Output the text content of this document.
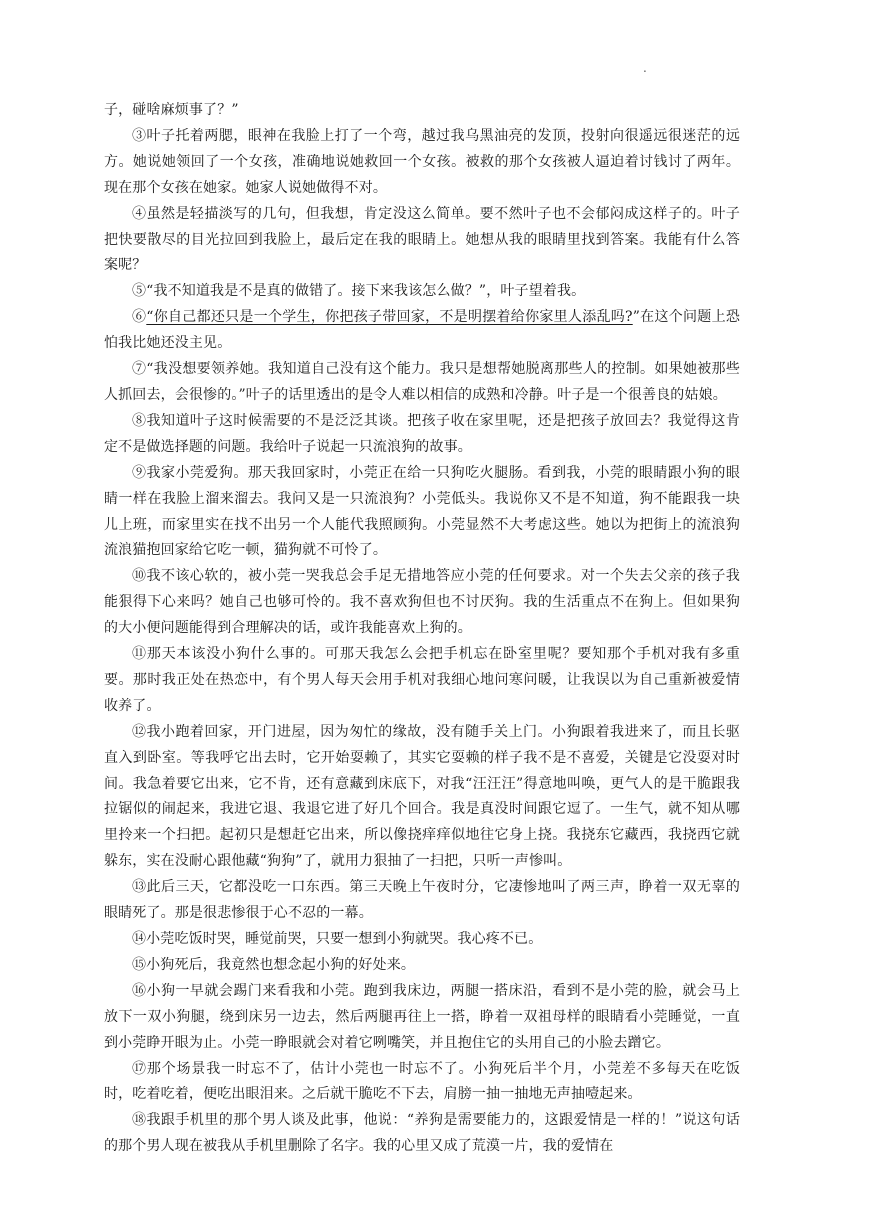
.

子，碰啥麻烦事了？”

③叶子托着两腮，眼神在我脸上打了一个弯，越过我乌黑油亮的发顶，投射向很遥远很迷茫的远方。她说她领回了一个女孩，准确地说她救回一个女孩。被救的那个女孩被人逼迫着讨钱讨了两年。现在那个女孩在她家。她家人说她做得不对。

④虽然是轻描淡写的几句，但我想，肯定没这么简单。要不然叶子也不会郁闷成这样子的。叶子把快要散尽的目光拉回到我脸上，最后定在我的眼睛上。她想从我的眼睛里找到答案。我能有什么答案呢？

⑤“我不知道我是不是真的做错了。接下来我该怎么做？”，叶子望着我。

⑥“你自己都还只是一个学生，你把孩子带回家，不是明摆着给你家里人添乱吗?”在这个问题上恐怕我比她还没主见。

⑦“我没想要领养她。我知道自己没有这个能力。我只是想帮她脱离那些人的控制。如果她被那些人抓回去，会很惨的。”叶子的话里透出的是令人难以相信的成熟和冷静。叶子是一个很善良的姑娘。

⑧我知道叶子这时候需要的不是泛泛其谈。把孩子收在家里呢，还是把孩子放回去？我觉得这肯定不是做选择题的问题。我给叶子说起一只流浪狗的故事。

⑨我家小莞爱狗。那天我回家时，小莞正在给一只狗吃火腿肠。看到我，小莞的眼睛跟小狗的眼睛一样在我脸上溜来溜去。我问又是一只流浪狗？小莞低头。我说你又不是不知道，狗不能跟我一块儿上班，而家里实在找不出另一个人能代我照顾狗。小莞显然不大考虑这些。她以为把街上的流浪狗流浪猫抱回家给它吃一顿，猫狗就不可怜了。

⑩我不该心软的，被小莞一哭我总会手足无措地答应小莞的任何要求。对一个失去父亲的孩子我能狠得下心来吗？她自己也够可怜的。我不喜欢狗但也不讨厌狗。我的生活重点不在狗上。但如果狗的大小便问题能得到合理解决的话，或许我能喜欢上狗的。

⑪那天本该没小狗什么事的。可那天我怎么会把手机忘在卧室里呢？要知那个手机对我有多重要。那时我正处在热恋中，有个男人每天会用手机对我细心地问寒问暖，让我误以为自己重新被爱情收养了。

⑫我小跑着回家，开门进屋，因为匆忙的缘故，没有随手关上门。小狗跟着我进来了，而且长驱直入到卧室。等我呼它出去时，它开始耍赖了，其实它耍赖的样子我不是不喜爱，关键是它没耍对时间。我急着要它出来，它不肯，还有意藏到床底下，对我“汪汪汪”得意地叫唤，更气人的是干脆跟我拉锯似的闹起来，我进它退、我退它进了好几个回合。我是真没时间跟它逗了。一生气，就不知从哪里拎来一个扫把。起初只是想赶它出来，所以像挠痒痒似地往它身上挠。我挠东它藏西，我挠西它就躲东，实在没耐心跟他藏“狗狗”了，就用力狠抽了一扫把，只听一声惨叫。

⑬此后三天，它都没吃一口东西。第三天晚上午夜时分，它凄惨地叫了两三声，睁着一双无辜的眼睛死了。那是很悲惨很于心不忍的一幕。

⑭小莞吃饭时哭，睡觉前哭，只要一想到小狗就哭。我心疼不已。

⑮小狗死后，我竟然也想念起小狗的好处来。

⑯小狗一早就会踢门来看我和小莞。跑到我床边，两腿一搭床沿，看到不是小莞的脸，就会马上放下一双小狗腿，绕到床另一边去，然后两腿再往上一搭，睁着一双祖母样的眼睛看小莞睡觉，一直到小莞睁开眼为止。小莞一睁眼就会对着它咧嘴笑，并且抱住它的头用自己的小脸去蹭它。

⑰那个场景我一时忘不了，估计小莞也一时忘不了。小狗死后半个月，小莞差不多每天在吃饭时，吃着吃着，便吃出眼泪来。之后就干脆吃不下去，肩膀一抽一抽地无声抽噎起来。

⑱我跟手机里的那个男人谈及此事，他说：“养狗是需要能力的，这跟爱情是一样的！”说这句话的那个男人现在被我从手机里删除了名字。我的心里又成了荒漠一片，我的爱情在
